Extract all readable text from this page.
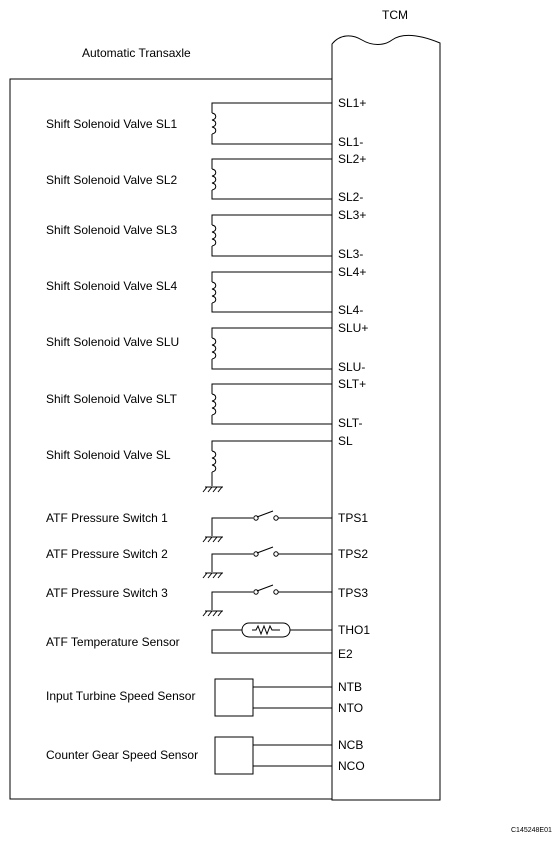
TCM
Automatic Transaxle
Shift Solenoid Valve SL1
SL1+
SL1-
Shift Solenoid Valve SL2
SL2+
SL2-
Shift Solenoid Valve SL3
SL3+
SL3-
Shift Solenoid Valve SL4
SL4+
SL4-
Shift Solenoid Valve SLU
SLU+
SLU-
Shift Solenoid Valve SLT
SLT+
SLT-
Shift Solenoid Valve SL
SL
ATF Pressure Switch 1	TPS1
ATF Pressure Switch 2	TPS2
ATF Pressure Switch 3	TPS3
ATF Temperature Sensor
THO1
E2
Input Turbine Speed Sensor
NTB
NTO
Counter Gear Speed Sensor
NCB
NCO
C145248E01
